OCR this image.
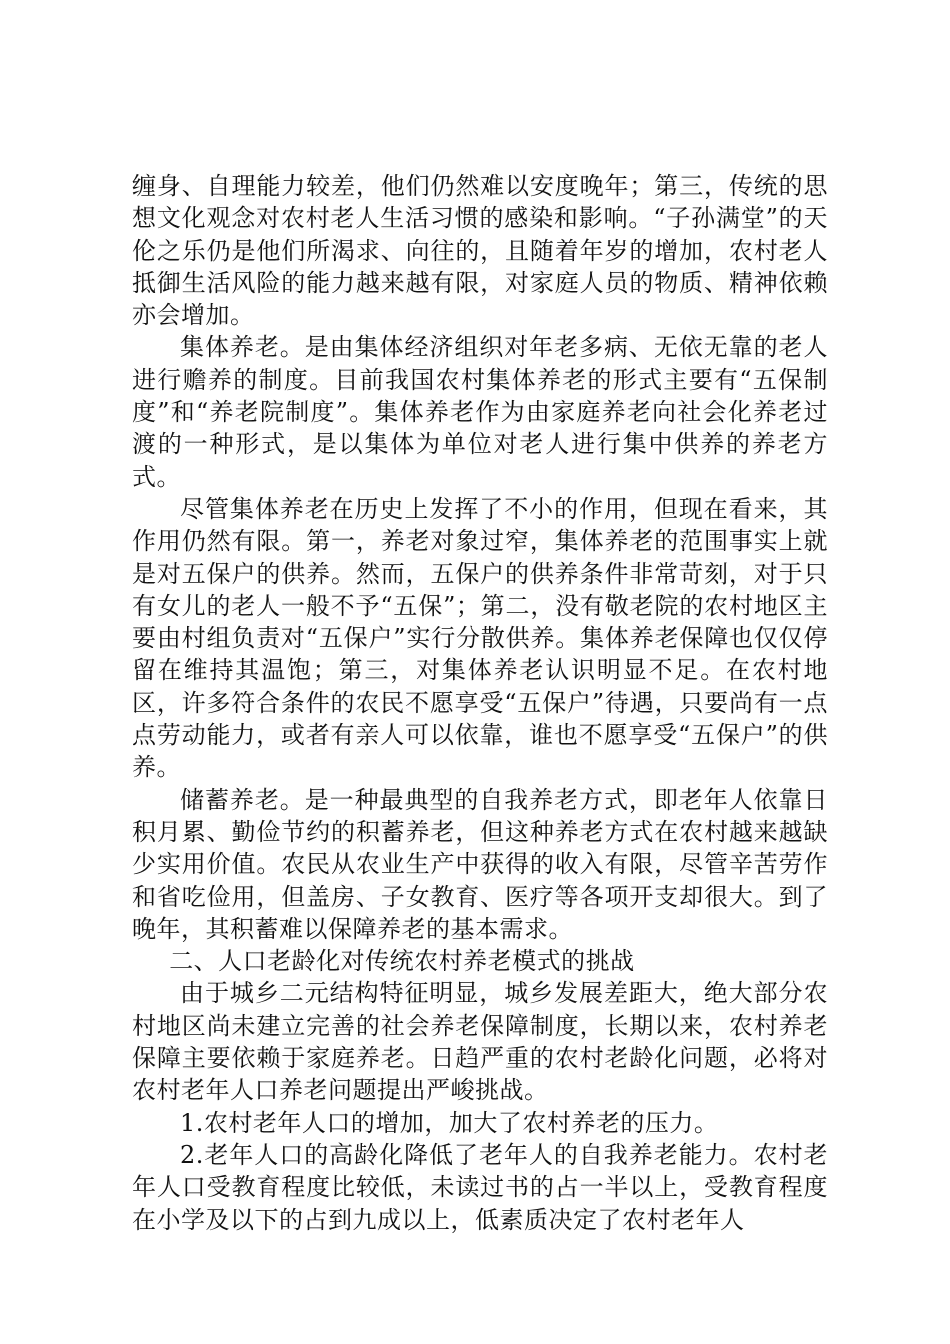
缠身、自理能力较差，他们仍然难以安度晚年；第三，传统的思想文化观念对农村老人生活习惯的感染和影响。“子孙满堂”的天伦之乐仍是他们所渴求、向往的，且随着年岁的增加，农村老人抵御生活风险的能力越来越有限，对家庭人员的物质、精神依赖亦会增加。

集体养老。是由集体经济组织对年老多病、无依无靠的老人进行赡养的制度。目前我国农村集体养老的形式主要有“五保制度”和“养老院制度”。集体养老作为由家庭养老向社会化养老过渡的一种形式，是以集体为单位对老人进行集中供养的养老方式。

尽管集体养老在历史上发挥了不小的作用，但现在看来，其作用仍然有限。第一，养老对象过窄，集体养老的范围事实上就是对五保户的供养。然而，五保户的供养条件非常苛刻，对于只有女儿的老人一般不予“五保”；第二，没有敬老院的农村地区主要由村组负责对“五保户”实行分散供养。集体养老保障也仅仅停留在维持其温饱；第三，对集体养老认识明显不足。在农村地区，许多符合条件的农民不愿享受“五保户”待遇，只要尚有一点点劳动能力，或者有亲人可以依靠，谁也不愿享受“五保户”的供养。

储蓄养老。是一种最典型的自我养老方式，即老年人依靠日积月累、勤俭节约的积蓄养老，但这种养老方式在农村越来越缺少实用价值。农民从农业生产中获得的收入有限，尽管辛苦劳作和省吃俭用，但盖房、子女教育、医疗等各项开支却很大。到了晚年，其积蓄难以保障养老的基本需求。

二、人口老龄化对传统农村养老模式的挑战

由于城乡二元结构特征明显，城乡发展差距大，绝大部分农村地区尚未建立完善的社会养老保障制度，长期以来，农村养老保障主要依赖于家庭养老。日趋严重的农村老龄化问题，必将对农村老年人口养老问题提出严峻挑战。

1.农村老年人口的增加，加大了农村养老的压力。

2.老年人口的高龄化降低了老年人的自我养老能力。农村老年人口受教育程度比较低，未读过书的占一半以上，受教育程度在小学及以下的占到九成以上，低素质决定了农村老年人
